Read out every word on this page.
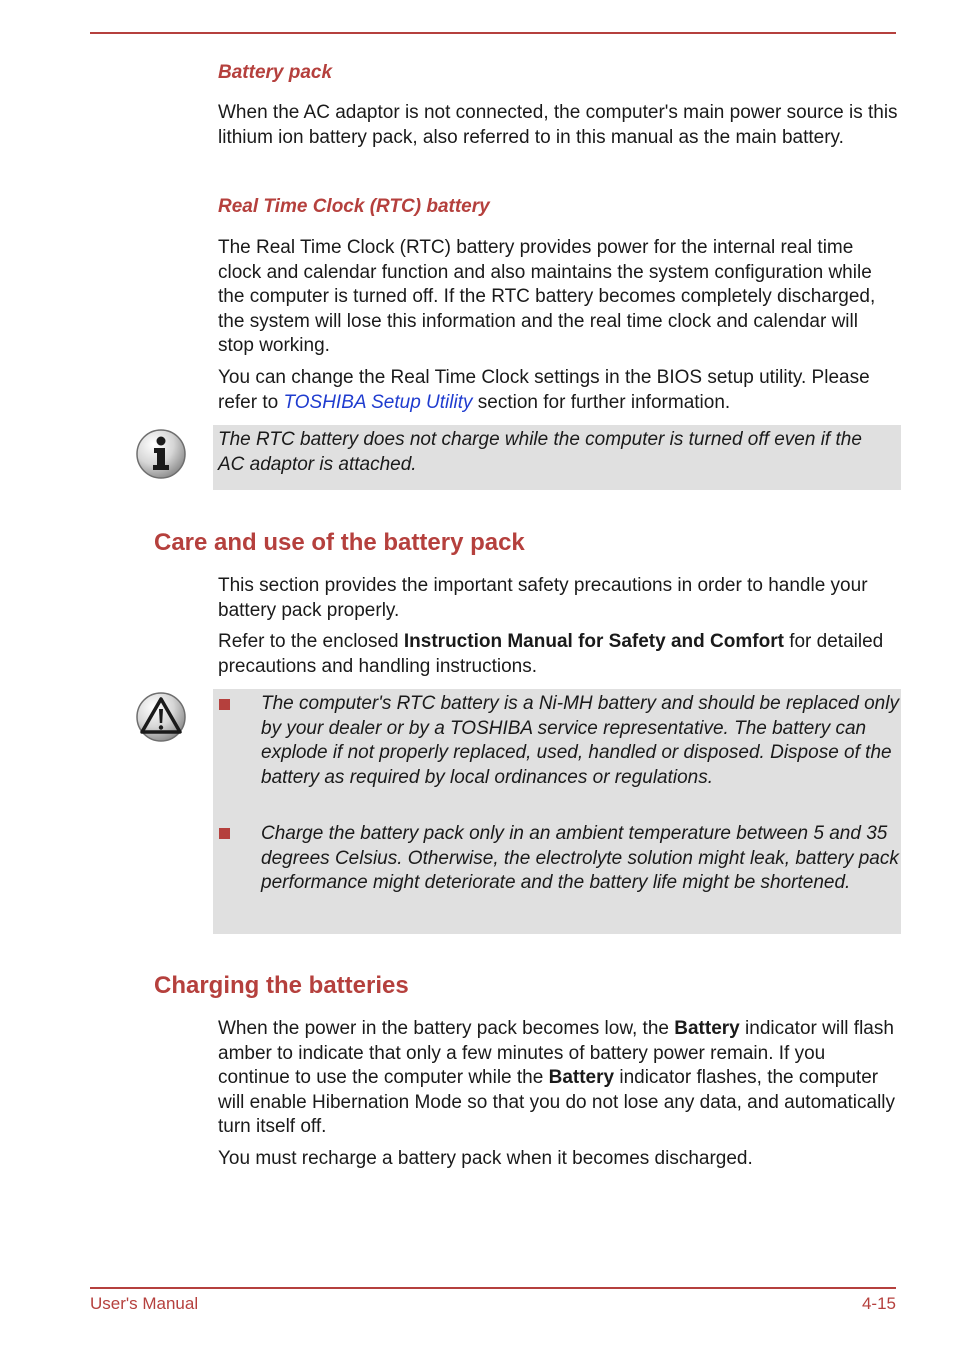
Battery pack

When the AC adaptor is not connected, the computer's main power source is this lithium ion battery pack, also referred to in this manual as the main battery.

Real Time Clock (RTC) battery

The Real Time Clock (RTC) battery provides power for the internal real time clock and calendar function and also maintains the system configuration while the computer is turned off. If the RTC battery becomes completely discharged, the system will lose this information and the real time clock and calendar will stop working.

You can change the Real Time Clock settings in the BIOS setup utility. Please refer to TOSHIBA Setup Utility section for further information.

The RTC battery does not charge while the computer is turned off even if the AC adaptor is attached.

Care and use of the battery pack

This section provides the important safety precautions in order to handle your battery pack properly.

Refer to the enclosed Instruction Manual for Safety and Comfort for detailed precautions and handling instructions.

The computer's RTC battery is a Ni-MH battery and should be replaced only by your dealer or by a TOSHIBA service representative. The battery can explode if not properly replaced, used, handled or disposed. Dispose of the battery as required by local ordinances or regulations.

Charge the battery pack only in an ambient temperature between 5 and 35 degrees Celsius. Otherwise, the electrolyte solution might leak, battery pack performance might deteriorate and the battery life might be shortened.

Charging the batteries

When the power in the battery pack becomes low, the Battery indicator will flash amber to indicate that only a few minutes of battery power remain. If you continue to use the computer while the Battery indicator flashes, the computer will enable Hibernation Mode so that you do not lose any data, and automatically turn itself off.

You must recharge a battery pack when it becomes discharged.

User's Manual	4-15
